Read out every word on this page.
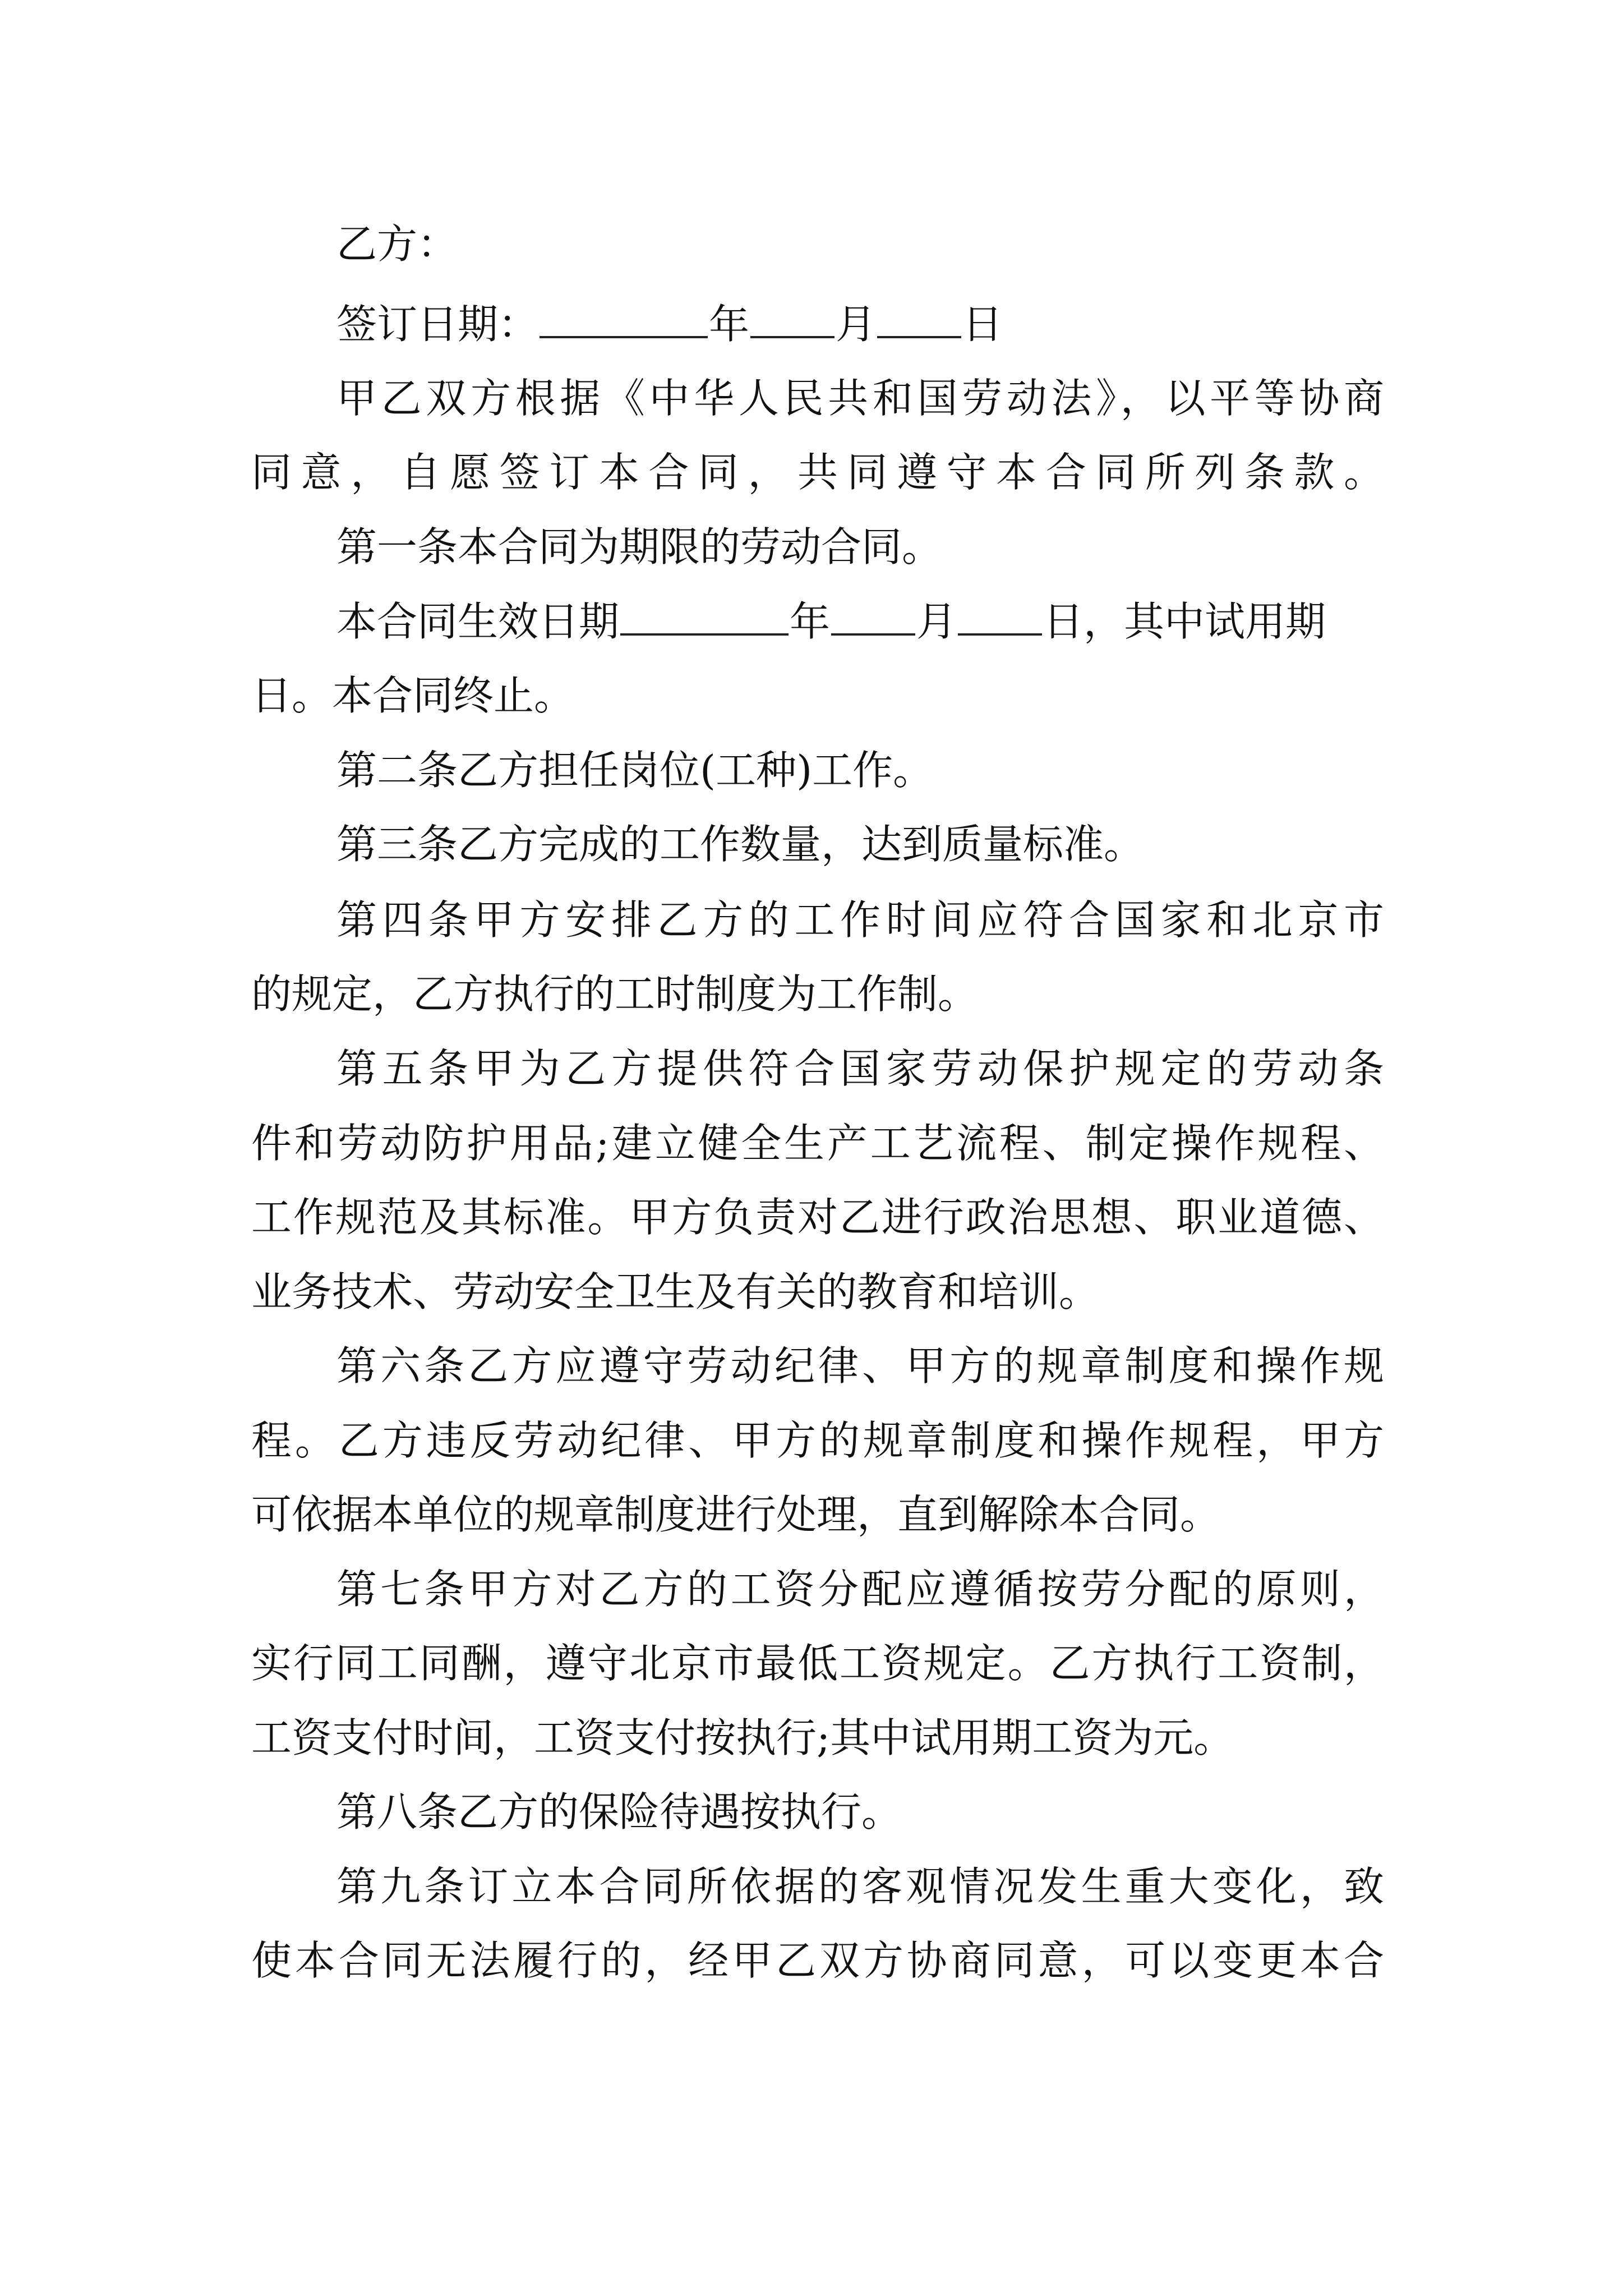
乙方：
签订日期：	年 月 日
甲乙双方根据《中华人民共和国劳动法》，以平等协商
同意，自愿签订本合同，共同遵守本合同所列条款。
第一条本合同为期限的劳动合同。
本合同生效日期	年 月 日，其中试用期
日。本合同终止。
第二条乙方担任岗位(工种)工作。
第三条乙方完成的工作数量，达到质量标准。
第四条甲方安排乙方的工作时间应符合国家和北京市
的规定，乙方执行的工时制度为工作制。
第五条甲为乙方提供符合国家劳动保护规定的劳动条
件和劳动防护用品;建立健全生产工艺流程、制定操作规程、
工作规范及其标准。甲方负责对乙进行政治思想、职业道德、
业务技术、劳动安全卫生及有关的教育和培训。
第六条乙方应遵守劳动纪律、甲方的规章制度和操作规
程。乙方违反劳动纪律、甲方的规章制度和操作规程，甲方
可依据本单位的规章制度进行处理，直到解除本合同。
第七条甲方对乙方的工资分配应遵循按劳分配的原则，
实行同工同酬，遵守北京市最低工资规定。乙方执行工资制，
工资支付时间，工资支付按执行;其中试用期工资为元。
第八条乙方的保险待遇按执行。
第九条订立本合同所依据的客观情况发生重大变化，致
使本合同无法履行的，经甲乙双方协商同意，可以变更本合
